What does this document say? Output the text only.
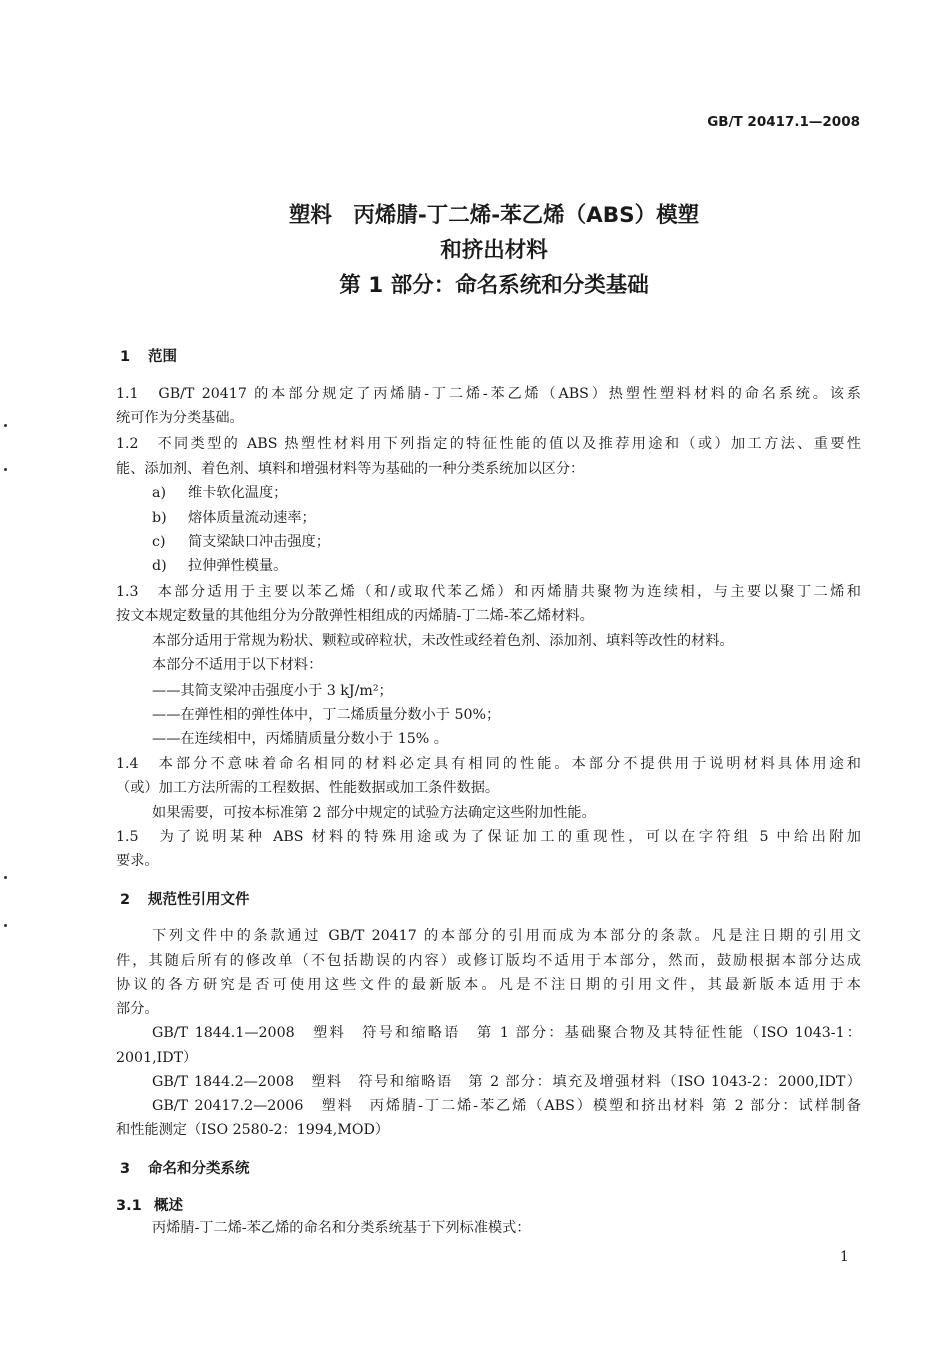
GB/T 20417.1—2008
塑料　丙烯腈-丁二烯-苯乙烯（ABS）模塑
和挤出材料
第 1 部分：命名系统和分类基础
1 范围
1.1　GB/T 20417 的本部分规定了丙烯腈-丁二烯-苯乙烯（ABS）热塑性塑料材料的命名系统。该系
统可作为分类基础。
1.2　不同类型的 ABS 热塑性材料用下列指定的特征性能的值以及推荐用途和（或）加工方法、重要性
能、添加剂、着色剂、填料和增强材料等为基础的一种分类系统加以区分：
a) 维卡软化温度；
b) 熔体质量流动速率；
c) 简支梁缺口冲击强度；
d) 拉伸弹性模量。
1.3　本部分适用于主要以苯乙烯（和/或取代苯乙烯）和丙烯腈共聚物为连续相，与主要以聚丁二烯和
按文本规定数量的其他组分为分散弹性相组成的丙烯腈-丁二烯-苯乙烯材料。
本部分适用于常规为粉状、颗粒或碎粒状，未改性或经着色剂、添加剂、填料等改性的材料。
本部分不适用于以下材料：
——其简支梁冲击强度小于 3 kJ/m²；
——在弹性相的弹性体中，丁二烯质量分数小于 50%；
——在连续相中，丙烯腈质量分数小于 15% 。
1.4　本部分不意味着命名相同的材料必定具有相同的性能。本部分不提供用于说明材料具体用途和
（或）加工方法所需的工程数据、性能数据或加工条件数据。
如果需要，可按本标准第 2 部分中规定的试验方法确定这些附加性能。
1.5　为了说明某种 ABS 材料的特殊用途或为了保证加工的重现性，可以在字符组 5 中给出附加
要求。
2 规范性引用文件
下列文件中的条款通过 GB/T 20417 的本部分的引用而成为本部分的条款。凡是注日期的引用文
件，其随后所有的修改单（不包括勘误的内容）或修订版均不适用于本部分，然而，鼓励根据本部分达成
协议的各方研究是否可使用这些文件的最新版本。凡是不注日期的引用文件，其最新版本适用于本
部分。
GB/T 1844.1—2008　塑料　符号和缩略语　第 1 部分：基础聚合物及其特征性能（ISO 1043-1：
2001,IDT）
GB/T 1844.2—2008　塑料　符号和缩略语　第 2 部分：填充及增强材料（ISO 1043-2：2000,IDT）
GB/T 20417.2—2006　塑料　丙烯腈-丁二烯-苯乙烯（ABS）模塑和挤出材料 第 2 部分：试样制备
和性能测定（ISO 2580-2：1994,MOD）
3 命名和分类系统
3.1 概述
丙烯腈-丁二烯-苯乙烯的命名和分类系统基于下列标准模式：
1
